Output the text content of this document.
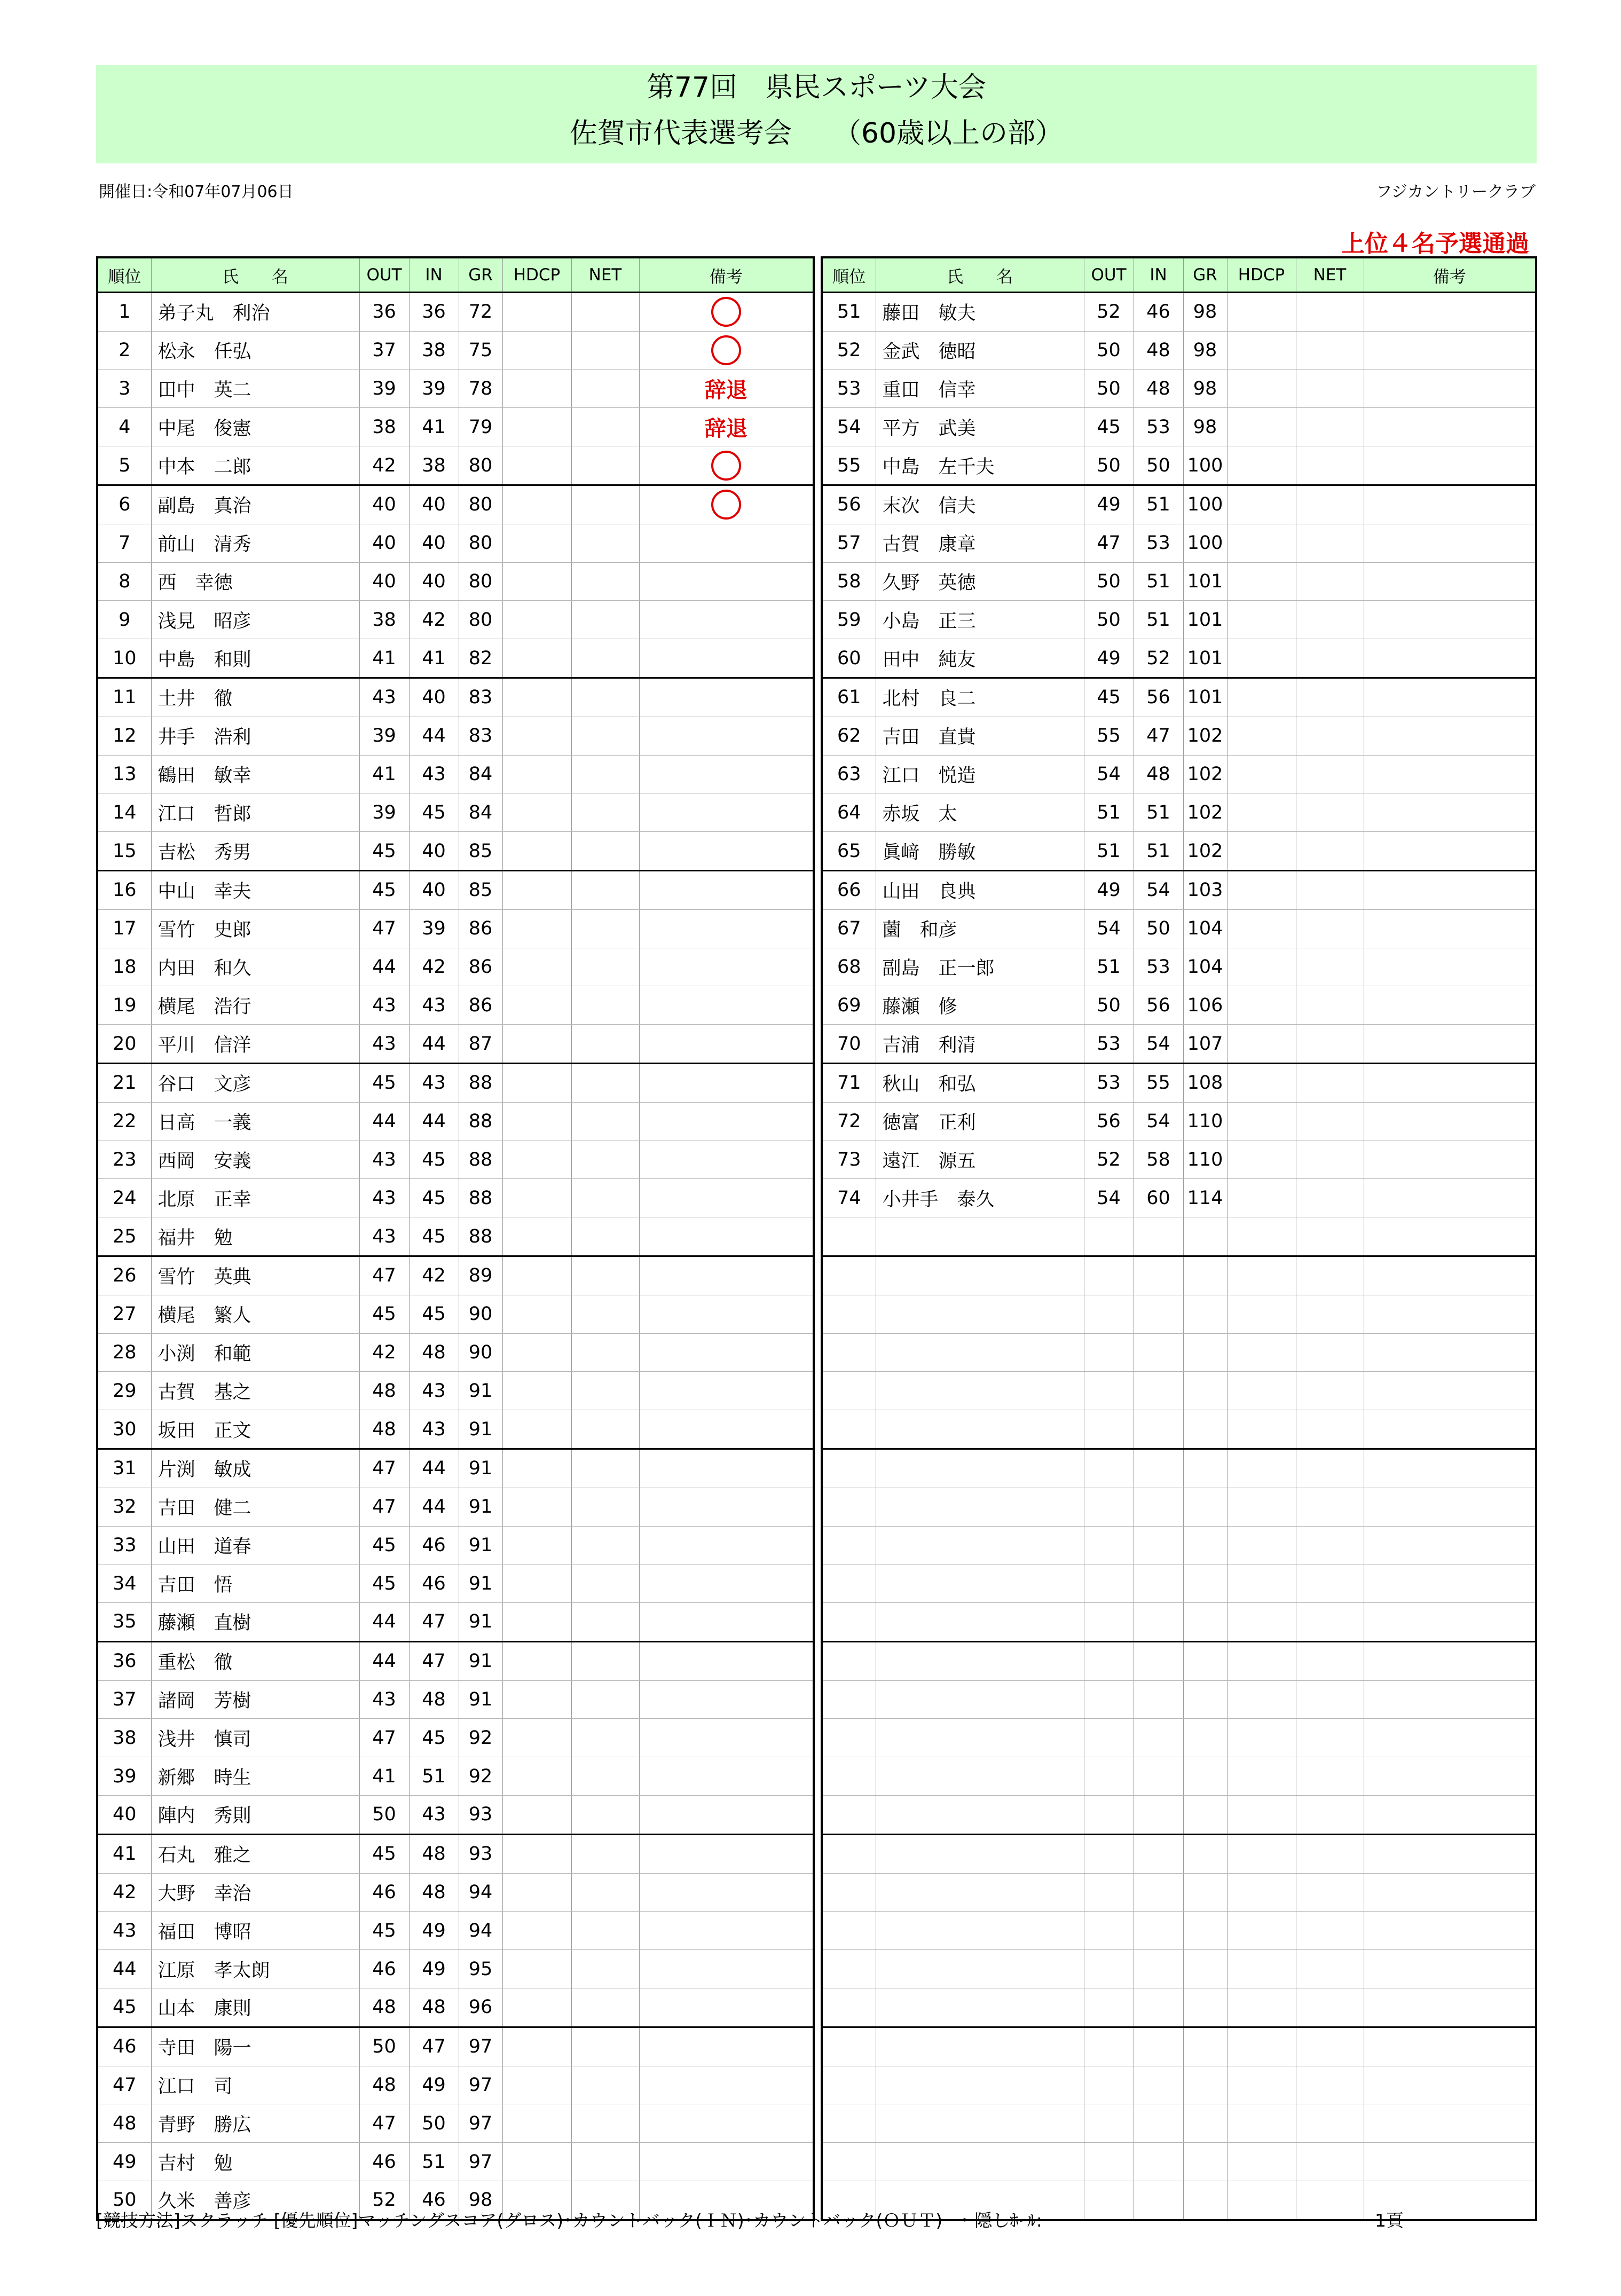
第77回　県民スポーツ大会
佐賀市代表選考会　　（60歳以上の部）
開催日:令和07年07月06日	フジカントリークラブ
上位４名予選通過
順位	氏　　名	OUT	IN	GR	HDCP	NET	備考
1	弟子丸　利治	36	36	72			
2	松永　任弘	37	38	75			
3	田中　英二	39	39	78			辞退
4	中尾　俊憲	38	41	79			辞退
5	中本　二郎	42	38	80			
6	副島　真治	40	40	80			
7	前山　清秀	40	40	80			
8	西　幸徳	40	40	80			
9	浅見　昭彦	38	42	80			
10	中島　和則	41	41	82			
11	土井　徹	43	40	83			
12	井手　浩利	39	44	83			
13	鶴田　敏幸	41	43	84			
14	江口　哲郎	39	45	84			
15	吉松　秀男	45	40	85			
16	中山　幸夫	45	40	85			
17	雪竹　史郎	47	39	86			
18	内田　和久	44	42	86			
19	横尾　浩行	43	43	86			
20	平川　信洋	43	44	87			
21	谷口　文彦	45	43	88			
22	日高　一義	44	44	88			
23	西岡　安義	43	45	88			
24	北原　正幸	43	45	88			
25	福井　勉	43	45	88			
26	雪竹　英典	47	42	89			
27	横尾　繁人	45	45	90			
28	小渕　和範	42	48	90			
29	古賀　基之	48	43	91			
30	坂田　正文	48	43	91			
31	片渕　敏成	47	44	91			
32	吉田　健二	47	44	91			
33	山田　道春	45	46	91			
34	吉田　悟	45	46	91			
35	藤瀬　直樹	44	47	91			
36	重松　徹	44	47	91			
37	諸岡　芳樹	43	48	91			
38	浅井　慎司	47	45	92			
39	新郷　時生	41	51	92			
40	陣内　秀則	50	43	93			
41	石丸　雅之	45	48	93			
42	大野　幸治	46	48	94			
43	福田　博昭	45	49	94			
44	江原　孝太朗	46	49	95			
45	山本　康則	48	48	96			
46	寺田　陽一	50	47	97			
47	江口　司	48	49	97			
48	青野　勝広	47	50	97			
49	吉村　勉	46	51	97			
50	久米　善彦	52	46	98			
順位	氏　　名	OUT	IN	GR	HDCP	NET	備考
51	藤田　敏夫	52	46	98			
52	金武　徳昭	50	48	98			
53	重田　信幸	50	48	98			
54	平方　武美	45	53	98			
55	中島　左千夫	50	50	100			
56	末次　信夫	49	51	100			
57	古賀　康章	47	53	100			
58	久野　英徳	50	51	101			
59	小島　正三	50	51	101			
60	田中　純友	49	52	101			
61	北村　良二	45	56	101			
62	吉田　直貴	55	47	102			
63	江口　悦造	54	48	102			
64	赤坂　太	51	51	102			
65	眞﨑　勝敏	51	51	102			
66	山田　良典	49	54	103			
67	薗　和彦	54	50	104			
68	副島　正一郎	51	53	104			
69	藤瀬　修	50	56	106			
70	吉浦　利清	53	54	107			
71	秋山　和弘	53	55	108			
72	徳富　正利	56	54	110			
73	遠江　源五	52	58	110			
74	小井手　泰久	54	60	114			

[競技方法]スクラッチ [優先順位]マッチングスコア(グロス)･カウントバック(ＩＮ)･カウントバック(ＯＵＴ)　･ 隠しﾎｰﾙ:	1頁
